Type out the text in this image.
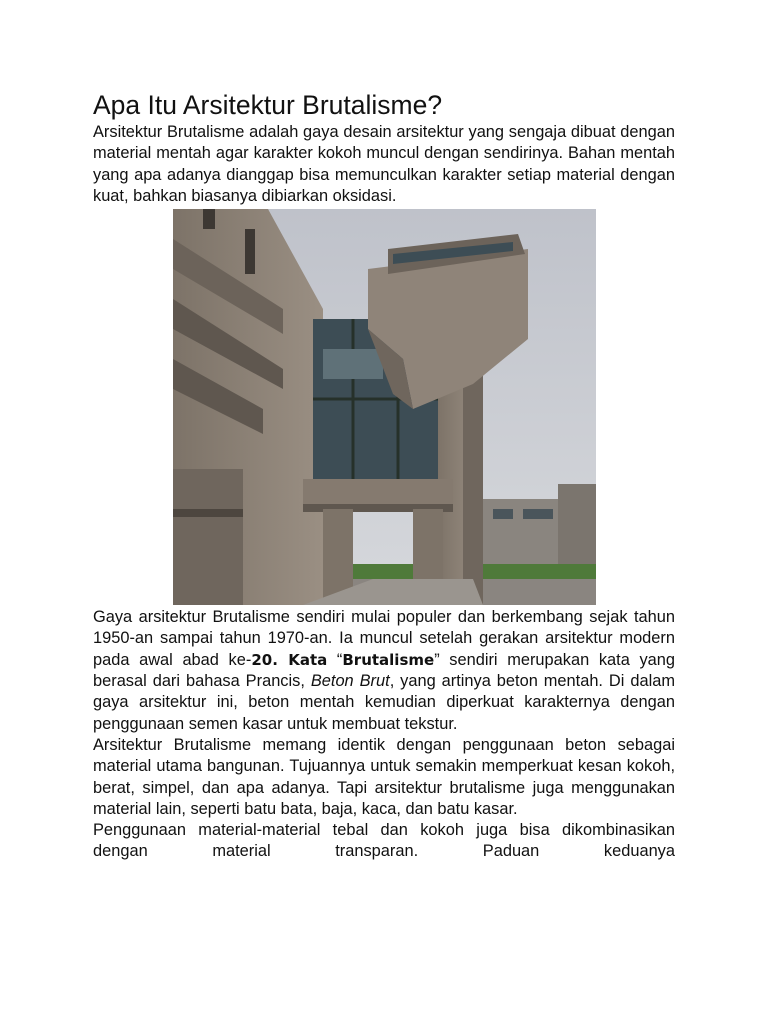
Apa Itu Arsitektur Brutalisme?

Arsitektur Brutalisme adalah gaya desain arsitektur yang sengaja dibuat dengan material mentah agar karakter kokoh muncul dengan sendirinya. Bahan mentah yang apa adanya dianggap bisa memunculkan karakter setiap material dengan kuat, bahkan biasanya dibiarkan oksidasi.

Gaya arsitektur Brutalisme sendiri mulai populer dan berkembang sejak tahun 1950-an sampai tahun 1970-an. Ia muncul setelah gerakan arsitektur modern pada awal abad ke-20. Kata “Brutalisme” sendiri merupakan kata yang berasal dari bahasa Prancis, Beton Brut, yang artinya beton mentah. Di dalam gaya arsitektur ini, beton mentah kemudian diperkuat karakternya dengan penggunaan semen kasar untuk membuat tekstur.

Arsitektur Brutalisme memang identik dengan penggunaan beton sebagai material utama bangunan. Tujuannya untuk semakin memperkuat kesan kokoh, berat, simpel, dan apa adanya. Tapi arsitektur brutalisme juga menggunakan material lain, seperti batu bata, baja, kaca, dan batu kasar.

Penggunaan material-material tebal dan kokoh juga bisa dikombinasikan dengan material transparan. Paduan keduanya
